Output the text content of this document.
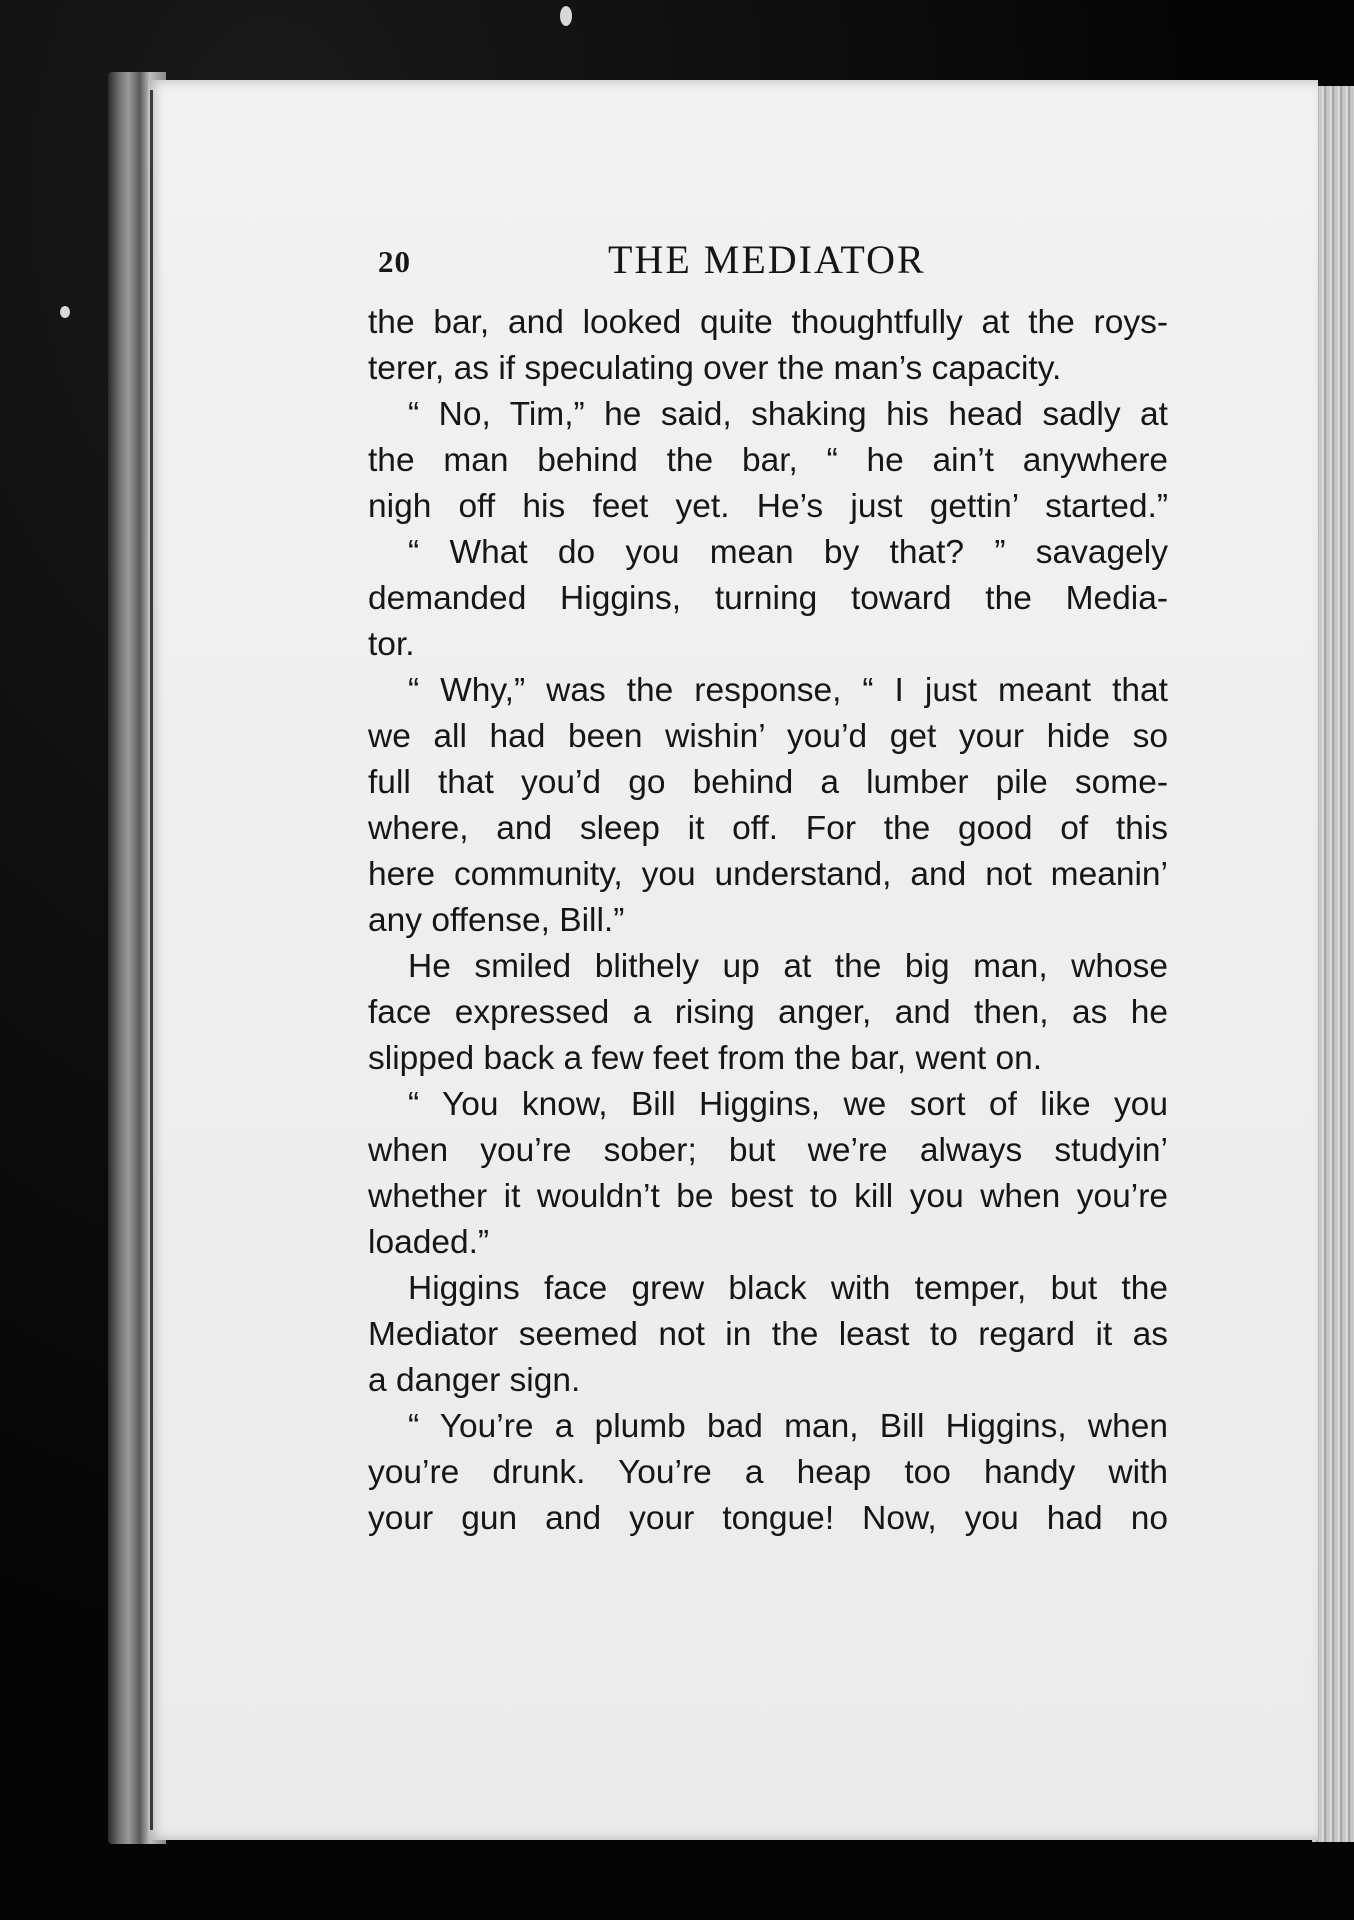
20	THE MEDIATOR
the bar, and looked quite thoughtfully at the roys-
terer, as if speculating over the man’s capacity.
“ No, Tim,” he said, shaking his head sadly at
the man behind the bar, “ he ain’t anywhere
nigh off his feet yet. He’s just gettin’ started.”
“ What do you mean by that? ” savagely
demanded Higgins, turning toward the Media-
tor.
“ Why,” was the response, “ I just meant that
we all had been wishin’ you’d get your hide so
full that you’d go behind a lumber pile some-
where, and sleep it off. For the good of this
here community, you understand, and not meanin’
any offense, Bill.”
He smiled blithely up at the big man, whose
face expressed a rising anger, and then, as he
slipped back a few feet from the bar, went on.
“ You know, Bill Higgins, we sort of like you
when you’re sober; but we’re always studyin’
whether it wouldn’t be best to kill you when you’re
loaded.”
Higgins face grew black with temper, but the
Mediator seemed not in the least to regard it as
a danger sign.
“ You’re a plumb bad man, Bill Higgins, when
you’re drunk. You’re a heap too handy with
your gun and your tongue! Now, you had no
